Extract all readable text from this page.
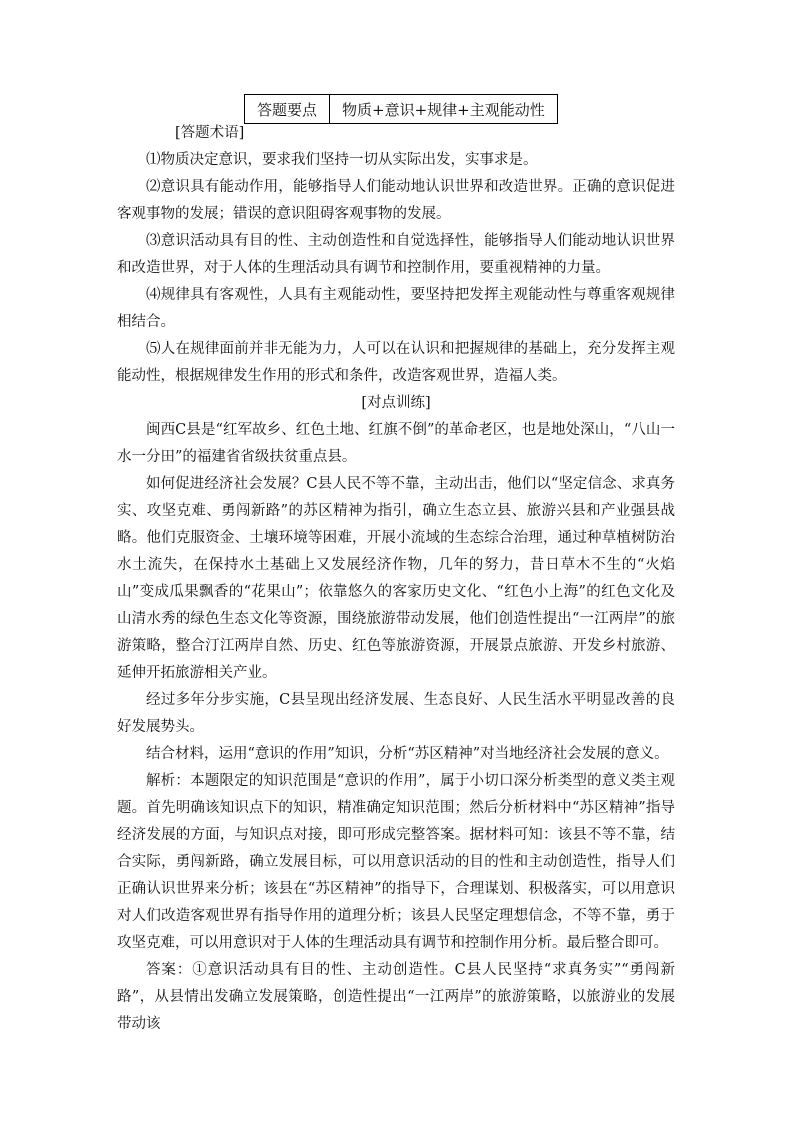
答题要点	物质+意识+规律+主观能动性

[答题术语]

⑴物质决定意识，要求我们坚持一切从实际出发，实事求是。

⑵意识具有能动作用，能够指导人们能动地认识世界和改造世界。正确的意识促进客观事物的发展；错误的意识阻碍客观事物的发展。

⑶意识活动具有目的性、主动创造性和自觉选择性，能够指导人们能动地认识世界和改造世界，对于人体的生理活动具有调节和控制作用，要重视精神的力量。

⑷规律具有客观性，人具有主观能动性，要坚持把发挥主观能动性与尊重客观规律相结合。

⑸人在规律面前并非无能为力，人可以在认识和把握规律的基础上，充分发挥主观能动性，根据规律发生作用的形式和条件，改造客观世界，造福人类。

[对点训练]

闽西C县是“红军故乡、红色土地、红旗不倒”的革命老区，也是地处深山，“八山一水一分田”的福建省省级扶贫重点县。

如何促进经济社会发展？C县人民不等不靠，主动出击，他们以“坚定信念、求真务实、攻坚克难、勇闯新路”的苏区精神为指引，确立生态立县、旅游兴县和产业强县战略。他们克服资金、土壤环境等困难，开展小流域的生态综合治理，通过种草植树防治水土流失，在保持水土基础上又发展经济作物，几年的努力，昔日草木不生的“火焰山”变成瓜果飘香的“花果山”；依靠悠久的客家历史文化、“红色小上海”的红色文化及山清水秀的绿色生态文化等资源，围绕旅游带动发展，他们创造性提出“一江两岸”的旅游策略，整合汀江两岸自然、历史、红色等旅游资源，开展景点旅游、开发乡村旅游、延伸开拓旅游相关产业。

经过多年分步实施，C县呈现出经济发展、生态良好、人民生活水平明显改善的良好发展势头。

结合材料，运用“意识的作用”知识，分析“苏区精神”对当地经济社会发展的意义。

解析：本题限定的知识范围是“意识的作用”，属于小切口深分析类型的意义类主观题。首先明确该知识点下的知识，精准确定知识范围；然后分析材料中“苏区精神”指导经济发展的方面，与知识点对接，即可形成完整答案。据材料可知：该县不等不靠，结合实际，勇闯新路，确立发展目标，可以用意识活动的目的性和主动创造性，指导人们正确认识世界来分析；该县在“苏区精神”的指导下，合理谋划、积极落实，可以用意识对人们改造客观世界有指导作用的道理分析；该县人民坚定理想信念，不等不靠，勇于攻坚克难，可以用意识对于人体的生理活动具有调节和控制作用分析。最后整合即可。

答案：①意识活动具有目的性、主动创造性。C县人民坚持“求真务实”“勇闯新路”，从县情出发确立发展策略，创造性提出“一江两岸”的旅游策略，以旅游业的发展带动该
